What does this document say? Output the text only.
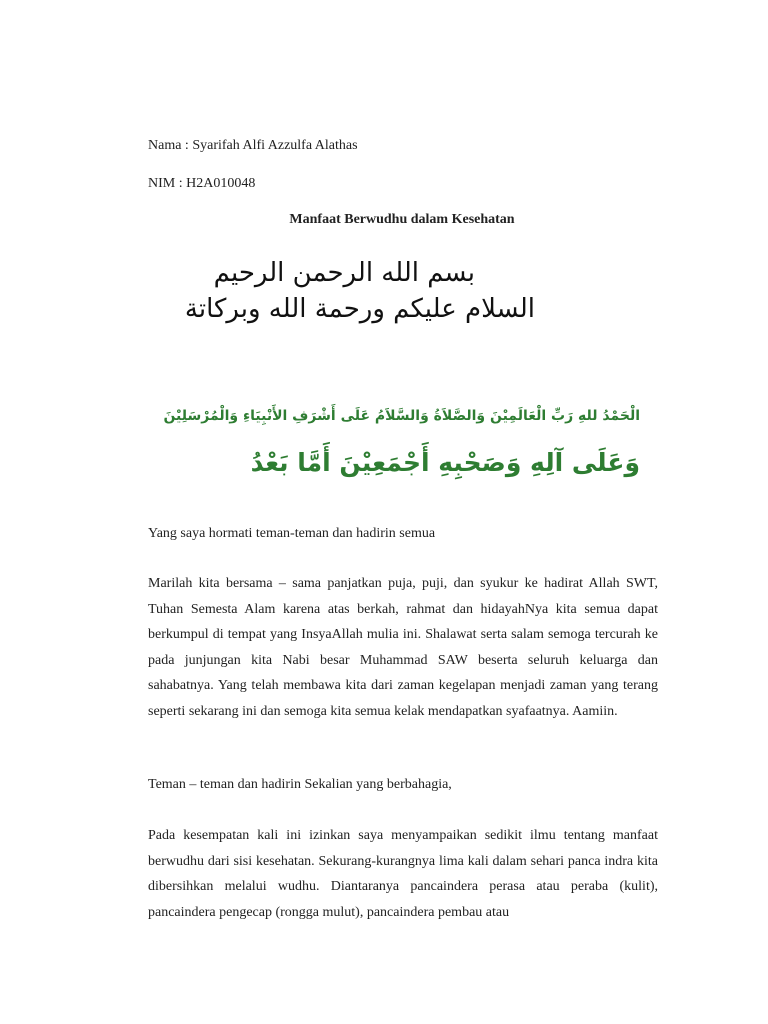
Nama : Syarifah Alfi Azzulfa Alathas
NIM : H2A010048
Manfaat Berwudhu dalam Kesehatan
بسم الله الرحمن الرحيم
السلام عليكم ورحمة الله وبركاتة
الْحَمْدُ للهِ رَبِّ الْعَالَمِيْنَ وَالصَّلاَةُ وَالسَّلاَمُ عَلَى أَشْرَفِ الأَنْبِيَاءِ وَالْمُرْسَلِيْنَ
وَعَلَى آلِهِ وَصَحْبِهِ أَجْمَعِيْنَ أَمَّا بَعْدُ
Yang saya hormati teman-teman dan hadirin semua
Marilah kita bersama – sama panjatkan puja, puji, dan syukur ke hadirat Allah SWT, Tuhan Semesta Alam karena atas berkah, rahmat dan hidayahNya kita semua dapat berkumpul di tempat yang InsyaAllah mulia ini. Shalawat serta salam semoga tercurah ke pada junjungan kita Nabi besar Muhammad SAW beserta seluruh keluarga dan sahabatnya. Yang telah membawa kita dari zaman kegelapan menjadi zaman yang terang seperti sekarang ini dan semoga kita semua kelak mendapatkan syafaatnya. Aamiin.
Teman – teman dan hadirin Sekalian yang berbahagia,
Pada kesempatan kali ini izinkan saya menyampaikan sedikit ilmu tentang manfaat berwudhu dari sisi kesehatan. Sekurang-kurangnya lima kali dalam sehari panca indra kita dibersihkan melalui wudhu. Diantaranya pancaindera perasa atau peraba (kulit), pancaindera pengecap (rongga mulut), pancaindera pembau atau
